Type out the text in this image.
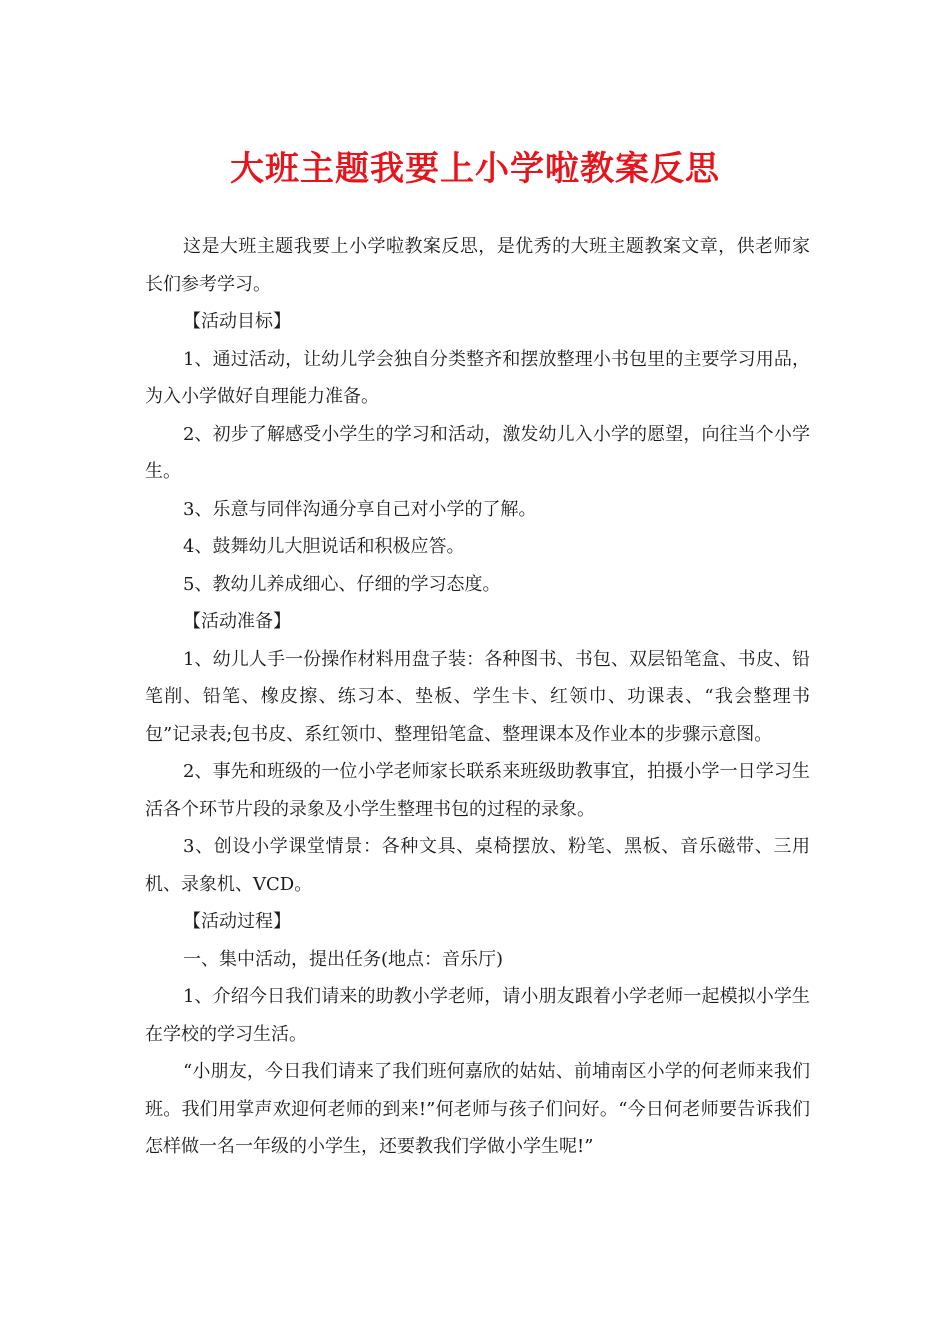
大班主题我要上小学啦教案反思

这是大班主题我要上小学啦教案反思，是优秀的大班主题教案文章，供老师家长们参考学习。

【活动目标】

1、通过活动，让幼儿学会独自分类整齐和摆放整理小书包里的主要学习用品，为入小学做好自理能力准备。

2、初步了解感受小学生的学习和活动，激发幼儿入小学的愿望，向往当个小学生。

3、乐意与同伴沟通分享自己对小学的了解。

4、鼓舞幼儿大胆说话和积极应答。

5、教幼儿养成细心、仔细的学习态度。

【活动准备】

1、幼儿人手一份操作材料用盘子装：各种图书、书包、双层铅笔盒、书皮、铅笔削、铅笔、橡皮擦、练习本、垫板、学生卡、红领巾、功课表、“我会整理书包”记录表;包书皮、系红领巾、整理铅笔盒、整理课本及作业本的步骤示意图。

2、事先和班级的一位小学老师家长联系来班级助教事宜，拍摄小学一日学习生活各个环节片段的录象及小学生整理书包的过程的录象。

3、创设小学课堂情景：各种文具、桌椅摆放、粉笔、黑板、音乐磁带、三用机、录象机、VCD。

【活动过程】

一、集中活动，提出任务(地点：音乐厅)

1、介绍今日我们请来的助教小学老师，请小朋友跟着小学老师一起模拟小学生在学校的学习生活。

“小朋友，今日我们请来了我们班何嘉欣的姑姑、前埔南区小学的何老师来我们班。我们用掌声欢迎何老师的到来!”何老师与孩子们问好。“今日何老师要告诉我们怎样做一名一年级的小学生，还要教我们学做小学生呢!”
